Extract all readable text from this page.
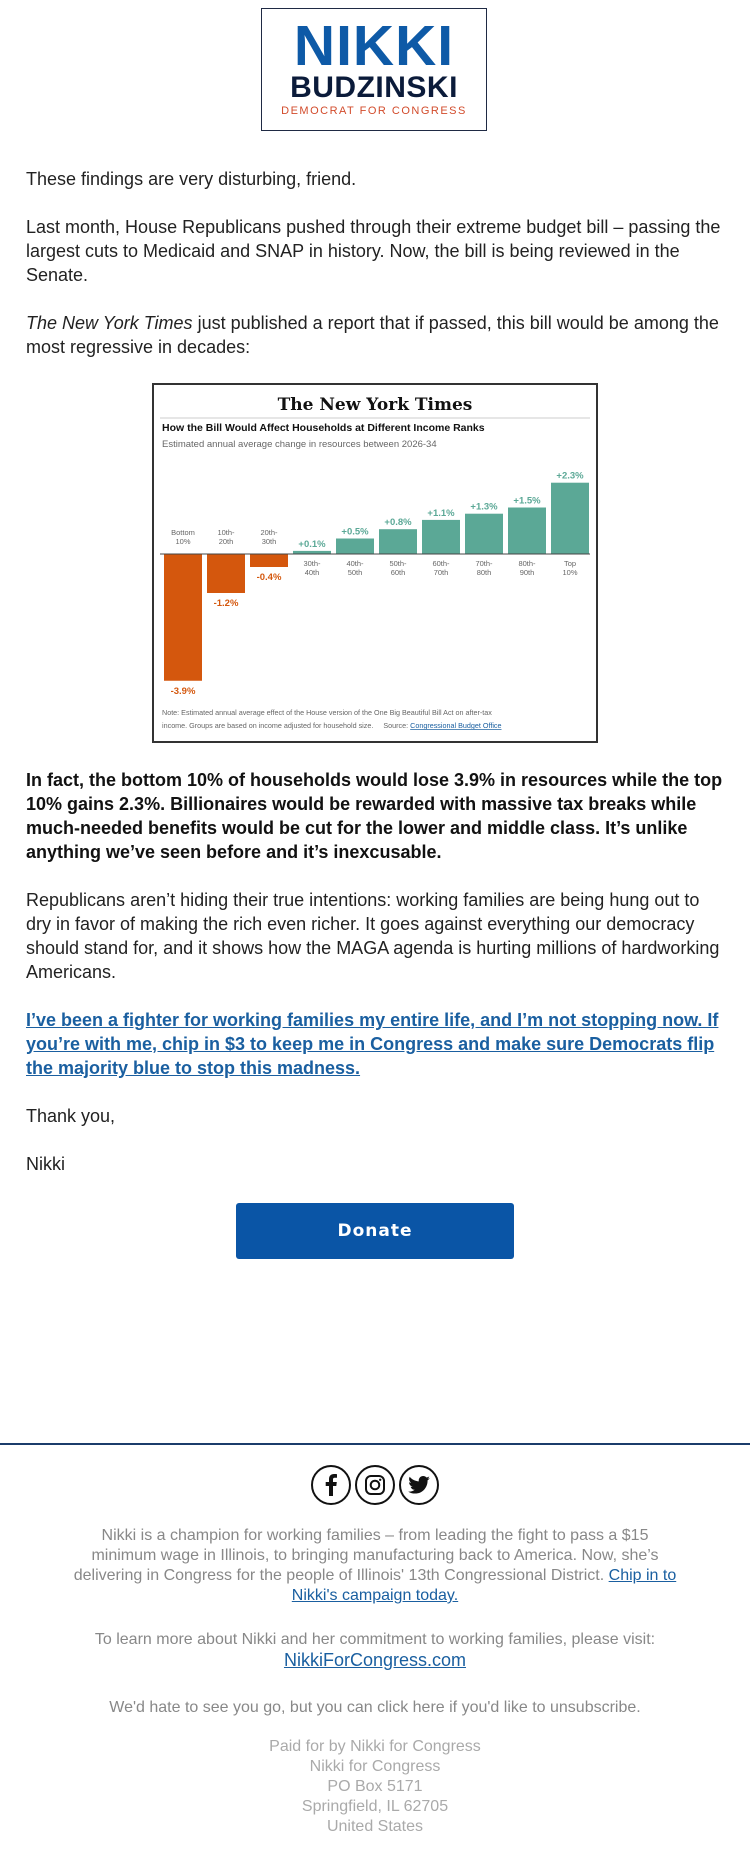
NIKKI
BUDZINSKI
DEMOCRAT FOR CONGRESS

These findings are very disturbing, friend.

Last month, House Republicans pushed through their extreme budget bill – passing the largest cuts to Medicaid and SNAP in history. Now, the bill is being reviewed in the Senate.

The New York Times just published a report that if passed, this bill would be among the most regressive in decades:

The New York Times
How the Bill Would Affect Households at Different Income Ranks
Estimated annual average change in resources between 2026-34
-3.9%
Bottom 10%
-1.2%
10th-20th
-0.4%
20th-30th +0.1%
30th-40th
+0.5%
40th-50th
+0.8%
50th-60th
+1.1%
60th-70th
+1.3%
70th-80th
+1.5%
80th-90th
+2.3%
Top 10%
Note: Estimated annual average effect of the House version of the One Big Beautiful Bill Act on after-tax
income. Groups are based on income adjusted for household size. Source: Congressional Budget Office

In fact, the bottom 10% of households would lose 3.9% in resources while the top 10% gains 2.3%. Billionaires would be rewarded with massive tax breaks while much-needed benefits would be cut for the lower and middle class. It’s unlike anything we’ve seen before and it’s inexcusable.

Republicans aren’t hiding their true intentions: working families are being hung out to dry in favor of making the rich even richer. It goes against everything our democracy should stand for, and it shows how the MAGA agenda is hurting millions of hardworking Americans.

I’ve been a fighter for working families my entire life, and I’m not stopping now. If you’re with me, chip in $3 to keep me in Congress and make sure Democrats flip the majority blue to stop this madness.

Thank you,

Nikki

Donate
Nikki is a champion for working families – from leading the fight to pass a $15 minimum wage in Illinois, to bringing manufacturing back to America. Now, she’s delivering in Congress for the people of Illinois' 13th Congressional District. Chip in to Nikki's campaign today.
To learn more about Nikki and her commitment to working families, please visit:
NikkiForCongress.com
We'd hate to see you go, but you can click here if you'd like to unsubscribe.
Paid for by Nikki for Congress
Nikki for Congress
PO Box 5171
Springfield, IL 62705
United States
